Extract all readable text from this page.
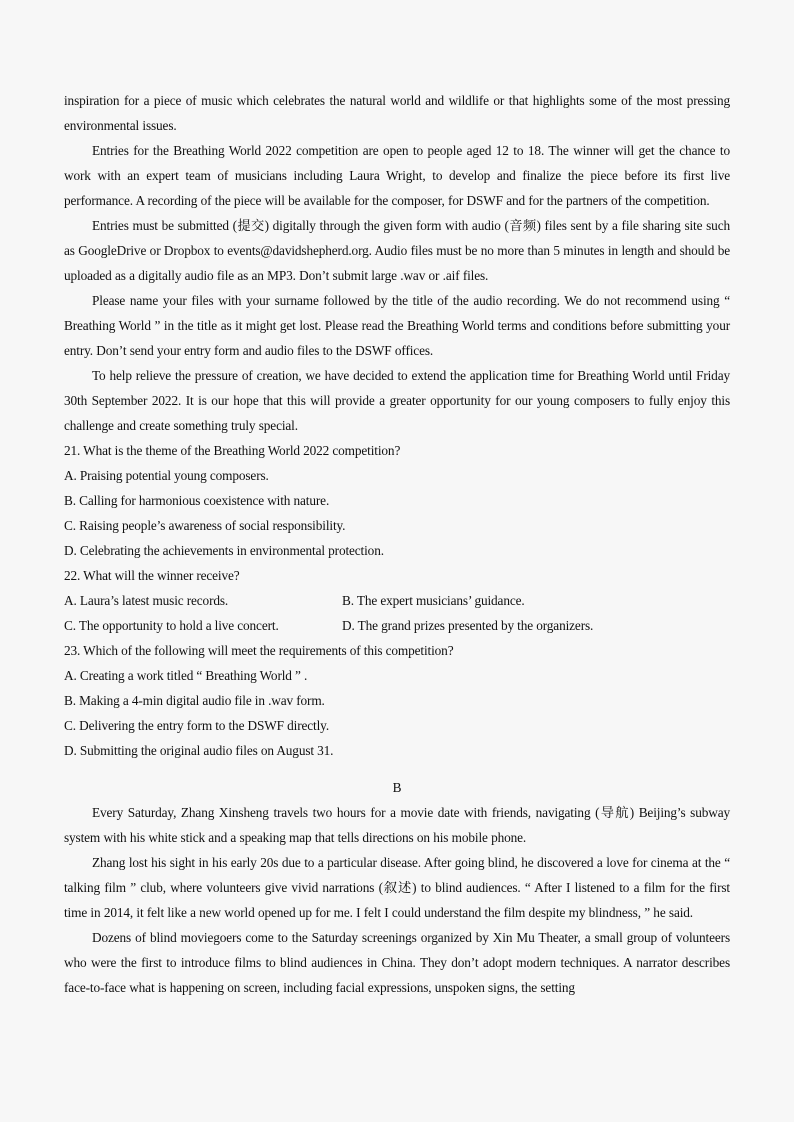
inspiration for a piece of music which celebrates the natural world and wildlife or that highlights some of the most pressing environmental issues.

Entries for the Breathing World 2022 competition are open to people aged 12 to 18. The winner will get the chance to work with an expert team of musicians including Laura Wright, to develop and finalize the piece before its first live performance. A recording of the piece will be available for the composer, for DSWF and for the partners of the competition.

Entries must be submitted (提交) digitally through the given form with audio (音频) files sent by a file sharing site such as GoogleDrive or Dropbox to events@davidshepherd.org. Audio files must be no more than 5 minutes in length and should be uploaded as a digitally audio file as an MP3. Don’t submit large .wav or .aif files.

Please name your files with your surname followed by the title of the audio recording. We do not recommend using “ Breathing World ” in the title as it might get lost. Please read the Breathing World terms and conditions before submitting your entry. Don’t send your entry form and audio files to the DSWF offices.

To help relieve the pressure of creation, we have decided to extend the application time for Breathing World until Friday 30th September 2022. It is our hope that this will provide a greater opportunity for our young composers to fully enjoy this challenge and create something truly special.

21. What is the theme of the Breathing World 2022 competition?

A. Praising potential young composers.

B. Calling for harmonious coexistence with nature.

C. Raising people’s awareness of social responsibility.

D. Celebrating the achievements in environmental protection.

22. What will the winner receive?

A. Laura’s latest music records.	B. The expert musicians’ guidance.
C. The opportunity to hold a live concert.	D. The grand prizes presented by the organizers.

23. Which of the following will meet the requirements of this competition?

A. Creating a work titled “ Breathing World ” .

B. Making a 4-min digital audio file in .wav form.

C. Delivering the entry form to the DSWF directly.

D. Submitting the original audio files on August 31.

B

Every Saturday, Zhang Xinsheng travels two hours for a movie date with friends, navigating (导航) Beijing’s subway system with his white stick and a speaking map that tells directions on his mobile phone.

Zhang lost his sight in his early 20s due to a particular disease. After going blind, he discovered a love for cinema at the “ talking film ” club, where volunteers give vivid narrations (叙述) to blind audiences. “ After I listened to a film for the first time in 2014, it felt like a new world opened up for me. I felt I could understand the film despite my blindness, ” he said.

Dozens of blind moviegoers come to the Saturday screenings organized by Xin Mu Theater, a small group of volunteers who were the first to introduce films to blind audiences in China. They don’t adopt modern techniques. A narrator describes face-to-face what is happening on screen, including facial expressions, unspoken signs, the setting
